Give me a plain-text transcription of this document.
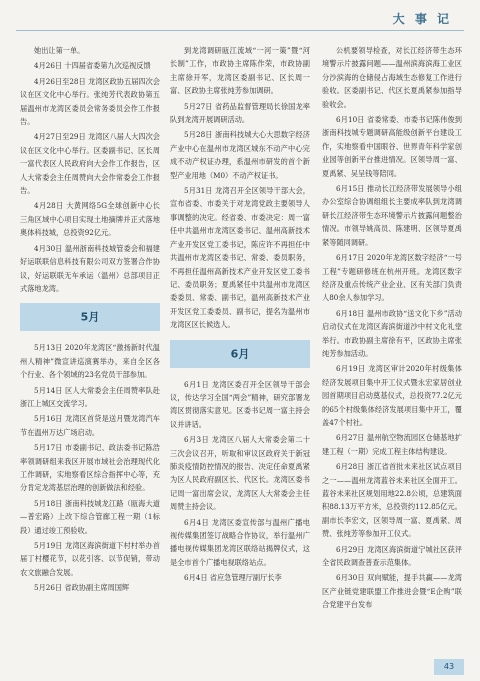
大 事 记

她出让第一单。

4月26日 十四届省委第九次巡视反馈

4月26日至28日 龙湾区政协五届四次会议在区文化中心举行。张纯芳代表政协第五届温州市龙湾区委员会常务委员会作工作报告。

4月27日至29日 龙湾区八届人大四次会议在区文化中心举行。区委副书记、区长周一富代表区人民政府向大会作工作报告，区人大常委会主任周赞向大会作常委会工作报告。

4月28日 大黄网络5G全球创新中心长三角区域中心项目实现土地摘牌并正式落地奥体科技城，总投资92亿元。

4月30日 温州浙南科技城管委会和福建好运联联信息科技有限公司双方签署合作协议，好运联联无车承运（温州）总部项目正式落地龙湾。

5月

5月13日 2020年龙湾区“激扬新时代温州人精神”微宣讲巡演赛举办，来自全区各个行业、各个领域的23名党员干部参加。

5月14日 区人大常委会主任周赞率队赴浙江上城区交流学习。

5月16日 龙湾区首贷是送月暨龙湾汽车节在温州万达广场启动。

5月17日 市委副书记、政法委书记陈浩率领调研组来我区开展市域社会治理现代化工作调研，实地察看区综合指挥中心等，充分肯定龙湾基层治理的创新做法和经验。

5月18日 浙南科技城龙江路（瓯海大道—普宏路）上改下综合管廊工程一期（1标段）通过竣工预验收。

5月19日 龙湾区海滨街道下村村举办首届丁村樱花节，以花引客、以节促销，带动农文旅融合发展。

5月26日 省政协副主席周国辉

到龙湾调研瓯江流域“一河一策”暨“河长制”工作，市政协主席陈作荣，市政协副主席徐开军，龙湾区委副书记、区长周一富、区政协主席张纯芳参加调研。

5月27日 省药品监督管理局长徐国龙率队到龙湾开展调研活动。

5月28日 浙南科技城大心大思数字经济产业中心在温州市龙湾区城东不动产中心完成不动产权证办理，系温州市研发的首个新型产业用地（M0）不动产权证书。

5月31日 龙湾召开全区领导干部大会，宣布省委、市委关于对龙湾党政主要领导人事调整的决定。经省委、市委决定：周一富任中共温州市龙湾区委书记、温州高新技术产业开发区党工委书记，陈应许不再担任中共温州市龙湾区委书记、常委、委员职务，不再担任温州高新技术产业开发区党工委书记、委员职务；夏禹紧任中共温州市龙湾区委委员、常委、副书记，温州高新技术产业开发区党工委委员、副书记，提名为温州市龙湾区区长候选人。

6月

6月1日 龙湾区委召开全区领导干部会议，传达学习全国“两会”精神，研究部署龙湾区贯彻落实意见。区委书记周一富主持会议并讲话。

6月3日 龙湾区八届人大常委会第二十三次会议召开，听取和审议区政府关于新冠肺炎疫情防控情况的报告、决定任命夏禹紧为区人民政府副区长、代区长。龙湾区委书记周一富出席会议，龙湾区人大常委会主任周赞主持会议。

6月4日 龙湾区委宣传部与温州广播电视传媒集团签订战略合作协议，举行温州广播电视传媒集团龙湾区联络站揭牌仪式，这是全市首个广播电视联络站点。

6月4日 省应急管理厅副厅长李

公机要领导检查，对长江经济带生态环境警示片披露问题——温州滨海滨海工业区分沙滨海的仓储侵占海域生态修复工作进行验收。区委副书记、代区长夏禹紧参加指导验收会。

6月10日 省委常委、市委书记陈伟俊到浙南科技城专题调研高能级创新平台建设工作，实地察看中国眼谷、世界青年科学家创业园等创新平台推进情况。区领导周一富、夏禹紧、吴呈钱等陪同。

6月15日 推动长江经济带发展领导小组办公室综合协调组组长主要成率队到龙湾调研长江经济带生态环境警示片披露问题整治情况。市领导姚高员、陈建明、区领导夏禹紧等随同调研。

6月17日 2020年龙湾区数字经济“一号工程”专题研修班在杭州开班。龙湾区数字经济及重点传统产业企业、区有关部门负责人80余人参加学习。

6月18日 温州市政协“送文化下乡”活动启动仪式在龙湾区海滨街道沙中村文化礼堂举行。市政协副主席徐有平，区政协主席张纯芳参加活动。

6月19日 龙湾区审计2020年村级集体经济发展项目集中开工仪式暨永宏家居创业园首期项目启动奠基仪式，总投资77.2亿元的65个村级集体经济发展项目集中开工，覆盖47个村社。

6月27日 温州航空物流园区仓储基地扩建工程（一期）完成工程主体结构建设。

6月28日 浙江省首批未来社区试点项目之一——温州龙湾蓝谷未来社区全面开工。蓝谷未来社区规划用地22.8公顷，总建筑面积88.13万平方米，总投资约112.85亿元。副市长李宏文，区领导周一富、夏禹紧、周赞、张纯芳等参加开工仪式。

6月29日 龙湾区海滨街道宁城社区获评全省民政调查普查示范集体。

6月30日 双向赋能，提手共赢——龙湾区产业链党建联盟工作推进会暨“E企购”联合党建平台发布

43
